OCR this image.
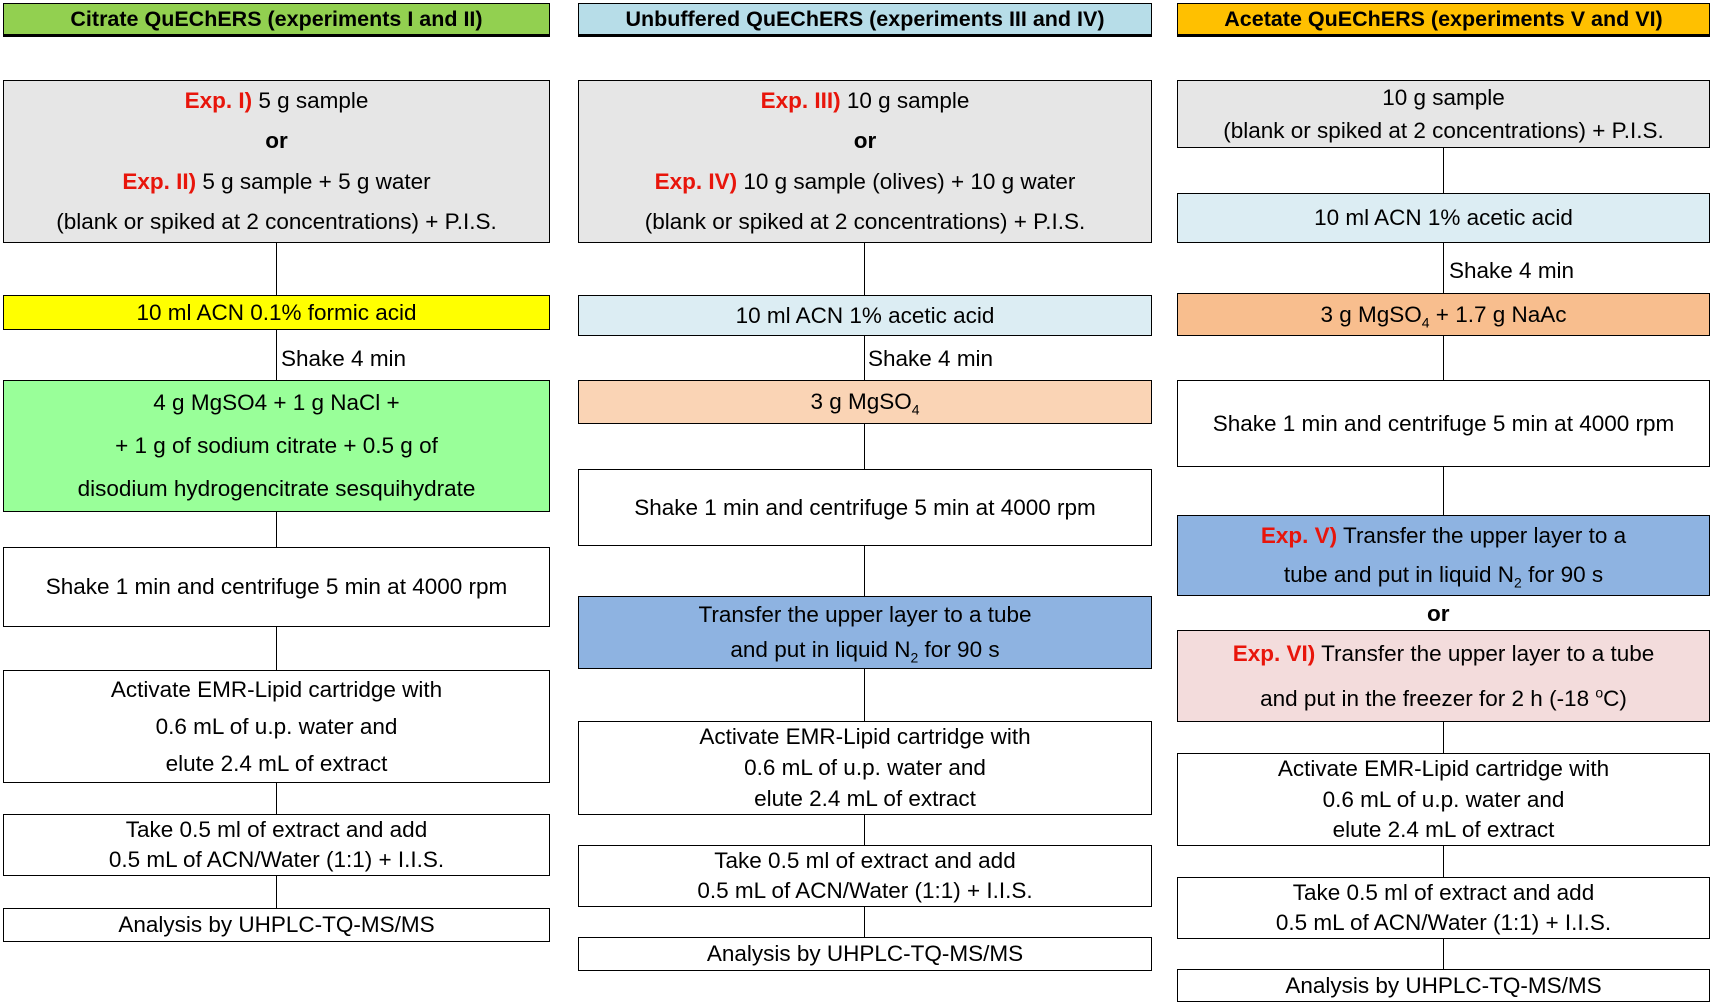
Citrate QuEChERS (experiments I and II)
Exp. I) 5 g sample
or
Exp. II) 5 g sample + 5 g water
(blank or spiked at 2 concentrations) + P.I.S.
10 ml ACN 0.1% formic acid
Shake 4 min
4 g MgSO4 + 1 g NaCl +
+ 1 g of sodium citrate + 0.5 g of
disodium hydrogencitrate sesquihydrate
Shake 1 min and centrifuge 5 min at 4000 rpm
Activate EMR-Lipid cartridge with
0.6 mL of u.p. water and
elute 2.4 mL of extract
Take 0.5 ml of extract and add
0.5 mL of ACN/Water (1:1) + I.I.S.
Analysis by UHPLC-TQ-MS/MS
Unbuffered QuEChERS (experiments III and IV)
Exp. III) 10 g sample
or
Exp. IV) 10 g sample (olives) + 10 g water
(blank or spiked at 2 concentrations) + P.I.S.
10 ml ACN 1% acetic acid
Shake 4 min
3 g MgSO$_4$
Shake 1 min and centrifuge 5 min at 4000 rpm
Transfer the upper layer to a tube
and put in liquid $N_2$ for 90 s
Activate EMR-Lipid cartridge with
0.6 mL of u.p. water and
elute 2.4 mL of extract
Take 0.5 ml of extract and add
0.5 mL of ACN/Water (1:1) + I.I.S.
Analysis by UHPLC-TQ-MS/MS
Acetate QuEChERS (experiments V and VI)
10 g sample
(blank or spiked at 2 concentrations) + P.I.S.
10 ml ACN 1% acetic acid
Shake 4 min
3 g MgSO$_4$ + 1.7 g NaAc
Shake 1 min and centrifuge 5 min at 4000 rpm
Exp. V) Transfer the upper layer to a
tube and put in liquid $N_2$ for 90 s
or
Exp. VI) Transfer the upper layer to a tube
and put in the freezer for 2 h (-18 $^o$C)
Activate EMR-Lipid cartridge with
0.6 mL of u.p. water and
elute 2.4 mL of extract
Take 0.5 ml of extract and add
0.5 mL of ACN/Water (1:1) + I.I.S.
Analysis by UHPLC-TQ-MS/MS
